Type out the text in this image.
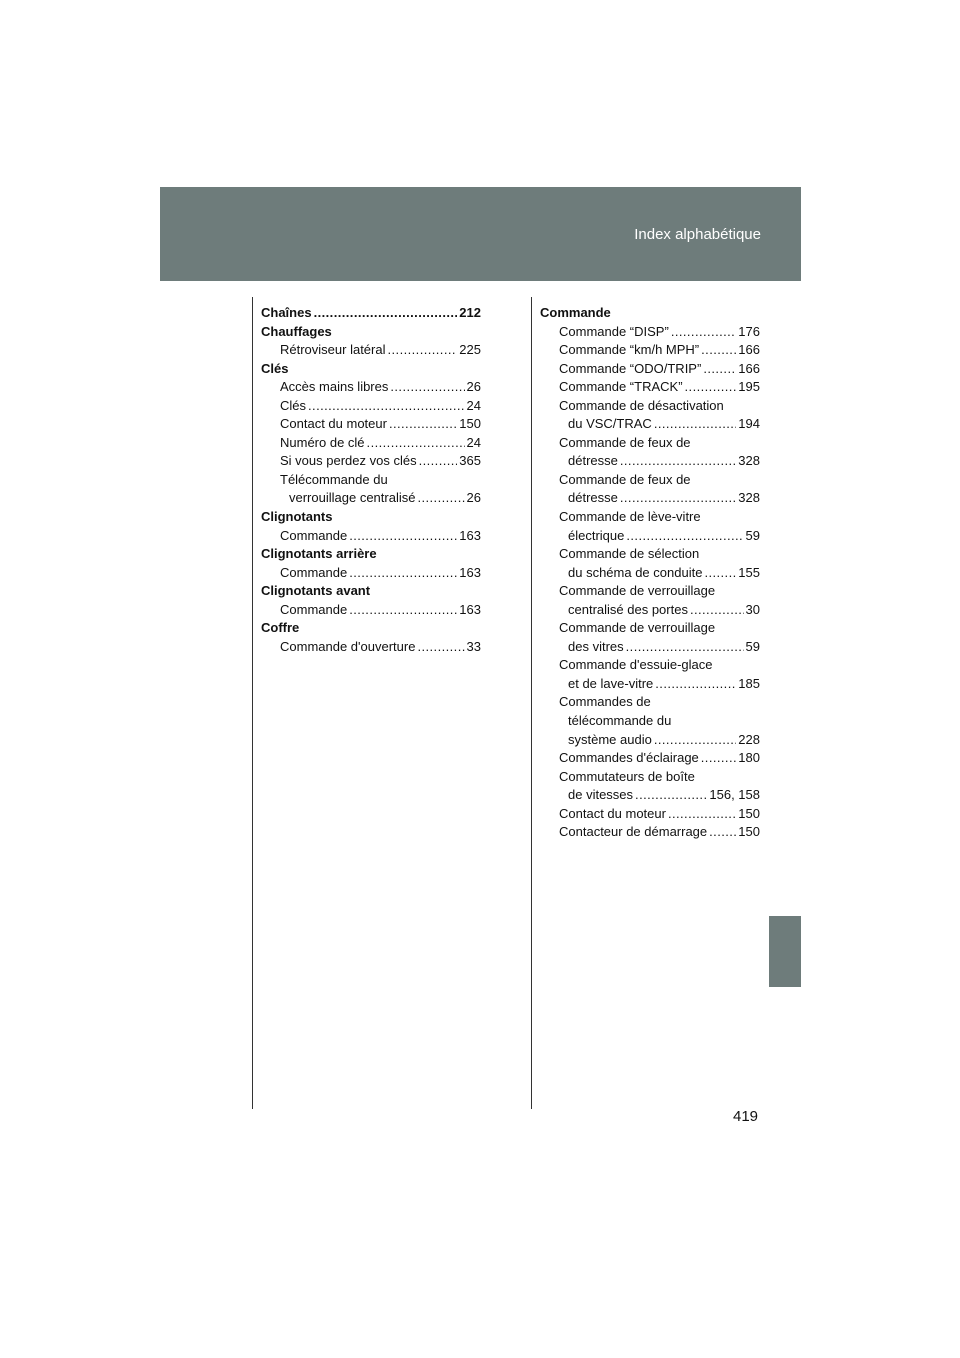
Index alphabétique
Chaînes . . .	212
Chauffages
Rétroviseur latéral . . .	225
Clés
Accès mains libres . . .	26
Clés . . .	24
Contact du moteur . . .	150
Numéro de clé . . .	24
Si vous perdez vos clés . . .	365
Télécommande du
verrouillage centralisé . . .	26
Clignotants
Commande . . .	163
Clignotants arrière
Commande . . .	163
Clignotants avant
Commande . . .	163
Coffre
Commande d'ouverture . . .	33
Commande
Commande “DISP” . . .	176
Commande “km/h MPH” . . .	166
Commande “ODO/TRIP” . . .	166
Commande “TRACK” . . .	195
Commande de désactivation
du VSC/TRAC . . .	194
Commande de feux de
détresse . . .	328
Commande de feux de
détresse . . .	328
Commande de lève-vitre
électrique . . .	59
Commande de sélection
du schéma de conduite . . .	155
Commande de verrouillage
centralisé des portes . . .	30
Commande de verrouillage
des vitres . . .	59
Commande d'essuie-glace
et de lave-vitre . . .	185
Commandes de
télécommande du
système audio . . .	228
Commandes d'éclairage . . .	180
Commutateurs de boîte
de vitesses . . .	156, 158
Contact du moteur . . .	150
Contacteur de démarrage . . . 150
419
